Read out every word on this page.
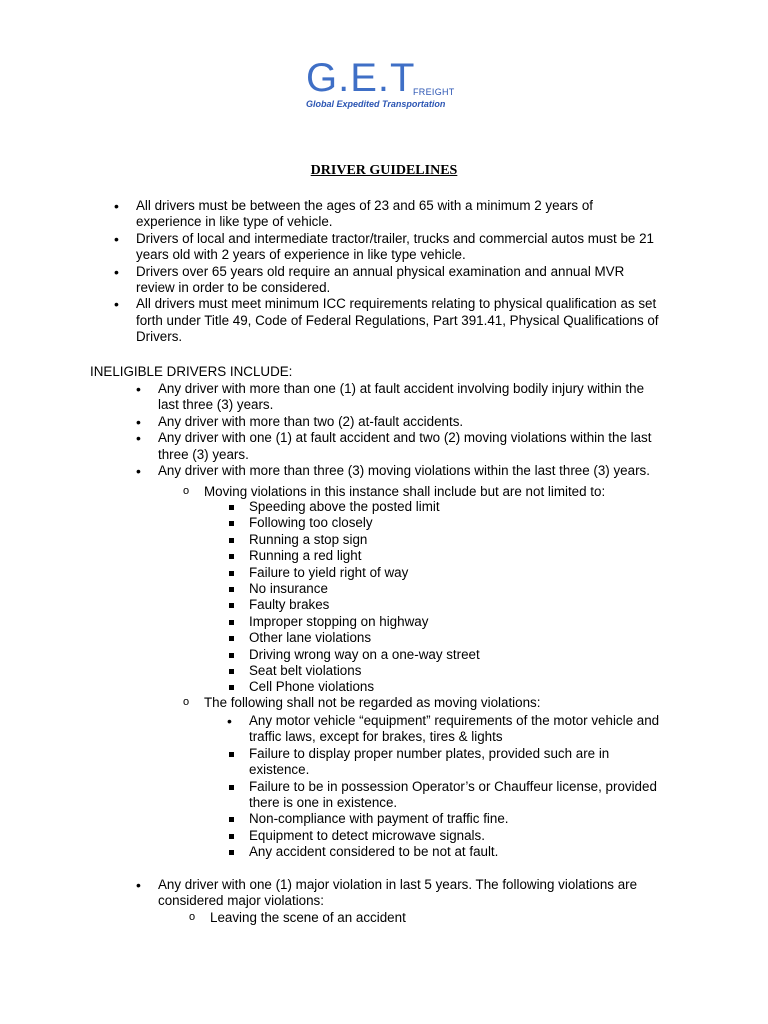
G.E.T
FREIGHT
Global Expedited Transportation
DRIVER GUIDELINES
• All drivers must be between the ages of 23 and 65 with a minimum 2 years of
experience in like type of vehicle.
• Drivers of local and intermediate tractor/trailer, trucks and commercial autos must be 21
years old with 2 years of experience in like type vehicle.
• Drivers over 65 years old require an annual physical examination and annual MVR
review in order to be considered.
• All drivers must meet minimum ICC requirements relating to physical qualification as set
forth under Title 49, Code of Federal Regulations, Part 391.41, Physical Qualifications of
Drivers.
INELIGIBLE DRIVERS INCLUDE:
• Any driver with more than one (1) at fault accident involving bodily injury within the
last three (3) years.
• Any driver with more than two (2) at-fault accidents.
• Any driver with one (1) at fault accident and two (2) moving violations within the last
three (3) years.
• Any driver with more than three (3) moving violations within the last three (3) years.
o Moving violations in this instance shall include but are not limited to:
Speeding above the posted limit
Following too closely
Running a stop sign
Running a red light
Failure to yield right of way
No insurance
Faulty brakes
Improper stopping on highway
Other lane violations
Driving wrong way on a one-way street
Seat belt violations
Cell Phone violations
o The following shall not be regarded as moving violations:
• Any motor vehicle “equipment” requirements of the motor vehicle and
traffic laws, except for brakes, tires & lights
Failure to display proper number plates, provided such are in
existence.
Failure to be in possession Operator’s or Chauffeur license, provided
there is one in existence.
Non-compliance with payment of traffic fine.
Equipment to detect microwave signals.
Any accident considered to be not at fault.
• Any driver with one (1) major violation in last 5 years. The following violations are
considered major violations:
o Leaving the scene of an accident
